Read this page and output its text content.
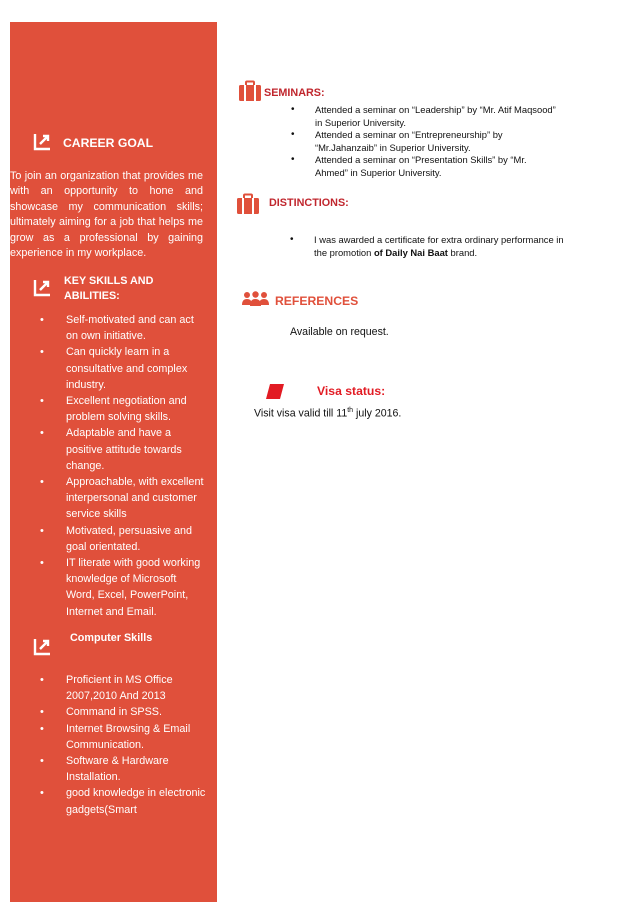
CAREER GOAL
To join an organization that provides me with an opportunity to hone and showcase my communication skills; ultimately aiming for a job that helps me grow as a professional by gaining experience in my workplace.
KEY SKILLS AND
ABILITIES:
• Self-motivated and can act on own initiative.
• Can quickly learn in a consultative and complex industry.
• Excellent negotiation and problem solving skills.
• Adaptable and have a positive attitude towards change.
• Approachable, with excellent interpersonal and customer service skills
• Motivated, persuasive and goal orientated.
• IT literate with good working knowledge of Microsoft Word, Excel, PowerPoint, Internet and Email.
Computer Skills
• Proficient in MS Office 2007,2010 And 2013
• Command in SPSS.
• Internet Browsing & Email Communication.
• Software & Hardware Installation.
• good knowledge in electronic gadgets(Smart
SEMINARS:
• Attended a seminar on “Leadership” by “Mr. Atif Maqsood” in Superior University.
• Attended a seminar on “Entrepreneurship” by “Mr.Jahanzaib” in Superior University.
• Attended a seminar on “Presentation Skills” by “Mr. Ahmed” in Superior University.
DISTINCTIONS:
• I was awarded a certificate for extra ordinary performance in the promotion of Daily Nai Baat brand.
REFERENCES
Available on request.
Visa status:
Visit visa valid till 11th july 2016.
